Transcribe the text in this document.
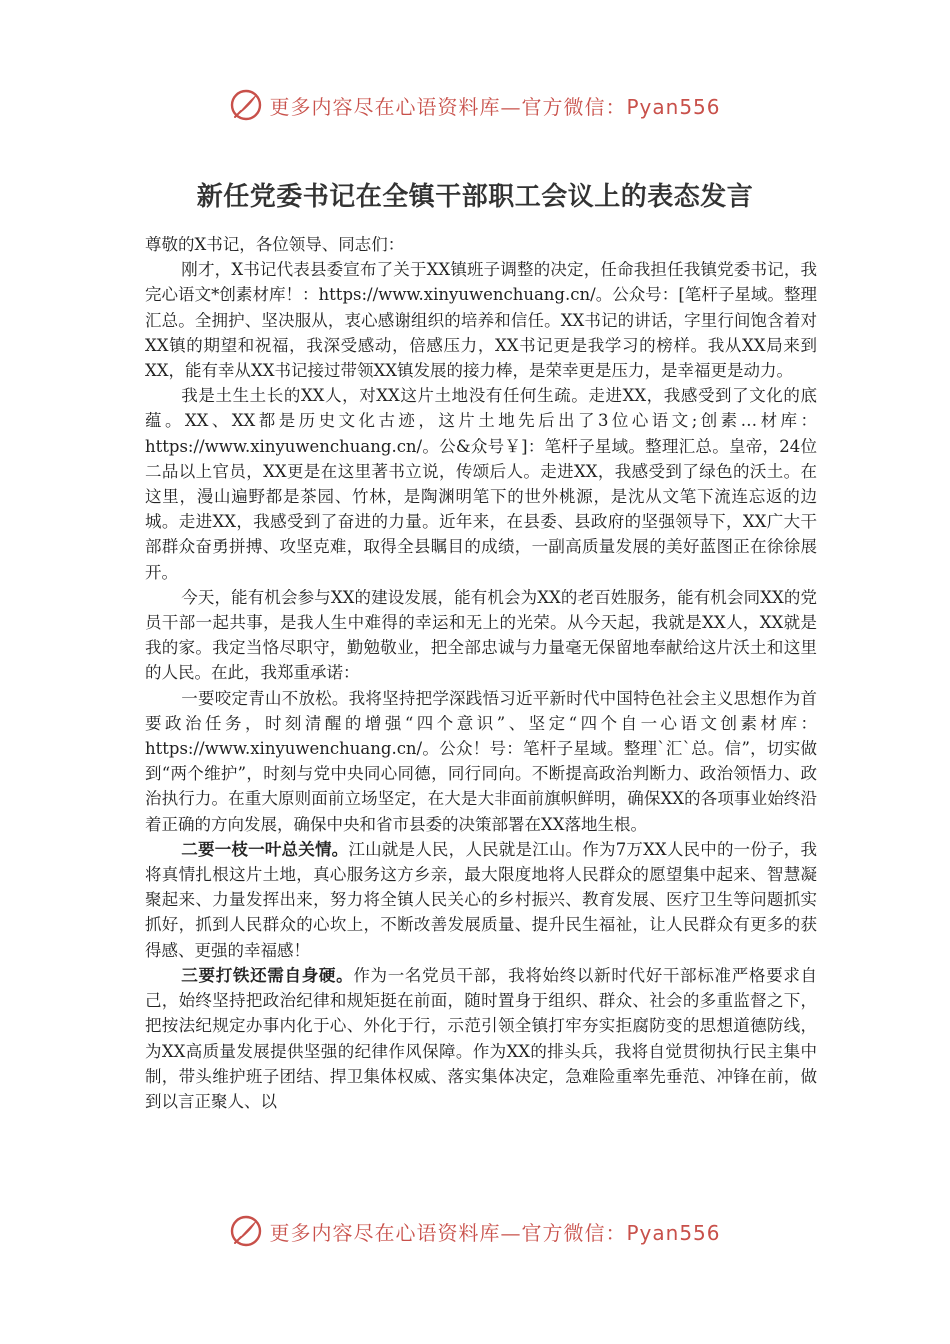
更多内容尽在心语资料库—官方微信：Pyan556
新任党委书记在全镇干部职工会议上的表态发言

尊敬的X书记，各位领导、同志们：

刚才，X书记代表县委宣布了关于XX镇班子调整的决定，任命我担任我镇党委书记，我完心语文*创素材库！：https://www.xinyuwenchuang.cn/。公众号：[笔杆子星域。整理汇总。全拥护、坚决服从，衷心感谢组织的培养和信任。XX书记的讲话，字里行间饱含着对XX镇的期望和祝福，我深受感动，倍感压力，XX书记更是我学习的榜样。我从XX局来到XX，能有幸从XX书记接过带领XX镇发展的接力棒，是荣幸更是压力，是幸福更是动力。

我是土生土长的XX人，对XX这片土地没有任何生疏。走进XX，我感受到了文化的底蕴。XX、XX都是历史文化古迹，这片土地先后出了3位心语文;创素…材库：https://www.xinyuwenchuang.cn/。公&众号￥]：笔杆子星域。整理汇总。皇帝，24位二品以上官员，XX更是在这里著书立说，传颂后人。走进XX，我感受到了绿色的沃土。在这里，漫山遍野都是茶园、竹林，是陶渊明笔下的世外桃源，是沈从文笔下流连忘返的边城。走进XX，我感受到了奋进的力量。近年来，在县委、县政府的坚强领导下，XX广大干部群众奋勇拼搏、攻坚克难，取得全县瞩目的成绩，一副高质量发展的美好蓝图正在徐徐展开。

今天，能有机会参与XX的建设发展，能有机会为XX的老百姓服务，能有机会同XX的党员干部一起共事，是我人生中难得的幸运和无上的光荣。从今天起，我就是XX人，XX就是我的家。我定当恪尽职守，勤勉敬业，把全部忠诚与力量毫无保留地奉献给这片沃土和这里的人民。在此，我郑重承诺：

一要咬定青山不放松。我将坚持把学深践悟习近平新时代中国特色社会主义思想作为首要政治任务，时刻清醒的增强“四个意识”、坚定“四个自一心语文创素材库：https://www.xinyuwenchuang.cn/。公众！号：笔杆子星域。整理`汇`总。信”，切实做到“两个维护”，时刻与党中央同心同德，同行同向。不断提高政治判断力、政治领悟力、政治执行力。在重大原则面前立场坚定，在大是大非面前旗帜鲜明，确保XX的各项事业始终沿着正确的方向发展，确保中央和省市县委的决策部署在XX落地生根。

二要一枝一叶总关情。江山就是人民，人民就是江山。作为7万XX人民中的一份子，我将真情扎根这片土地，真心服务这方乡亲，最大限度地将人民群众的愿望集中起来、智慧凝聚起来、力量发挥出来，努力将全镇人民关心的乡村振兴、教育发展、医疗卫生等问题抓实抓好，抓到人民群众的心坎上，不断改善发展质量、提升民生福祉，让人民群众有更多的获得感、更强的幸福感！

三要打铁还需自身硬。作为一名党员干部，我将始终以新时代好干部标准严格要求自己，始终坚持把政治纪律和规矩挺在前面，随时置身于组织、群众、社会的多重监督之下，把按法纪规定办事内化于心、外化于行，示范引领全镇打牢夯实拒腐防变的思想道德防线，为XX高质量发展提供坚强的纪律作风保障。作为XX的排头兵，我将自觉贯彻执行民主集中制，带头维护班子团结、捍卫集体权威、落实集体决定，急难险重率先垂范、冲锋在前，做到以言正聚人、以

更多内容尽在心语资料库—官方微信：Pyan556
